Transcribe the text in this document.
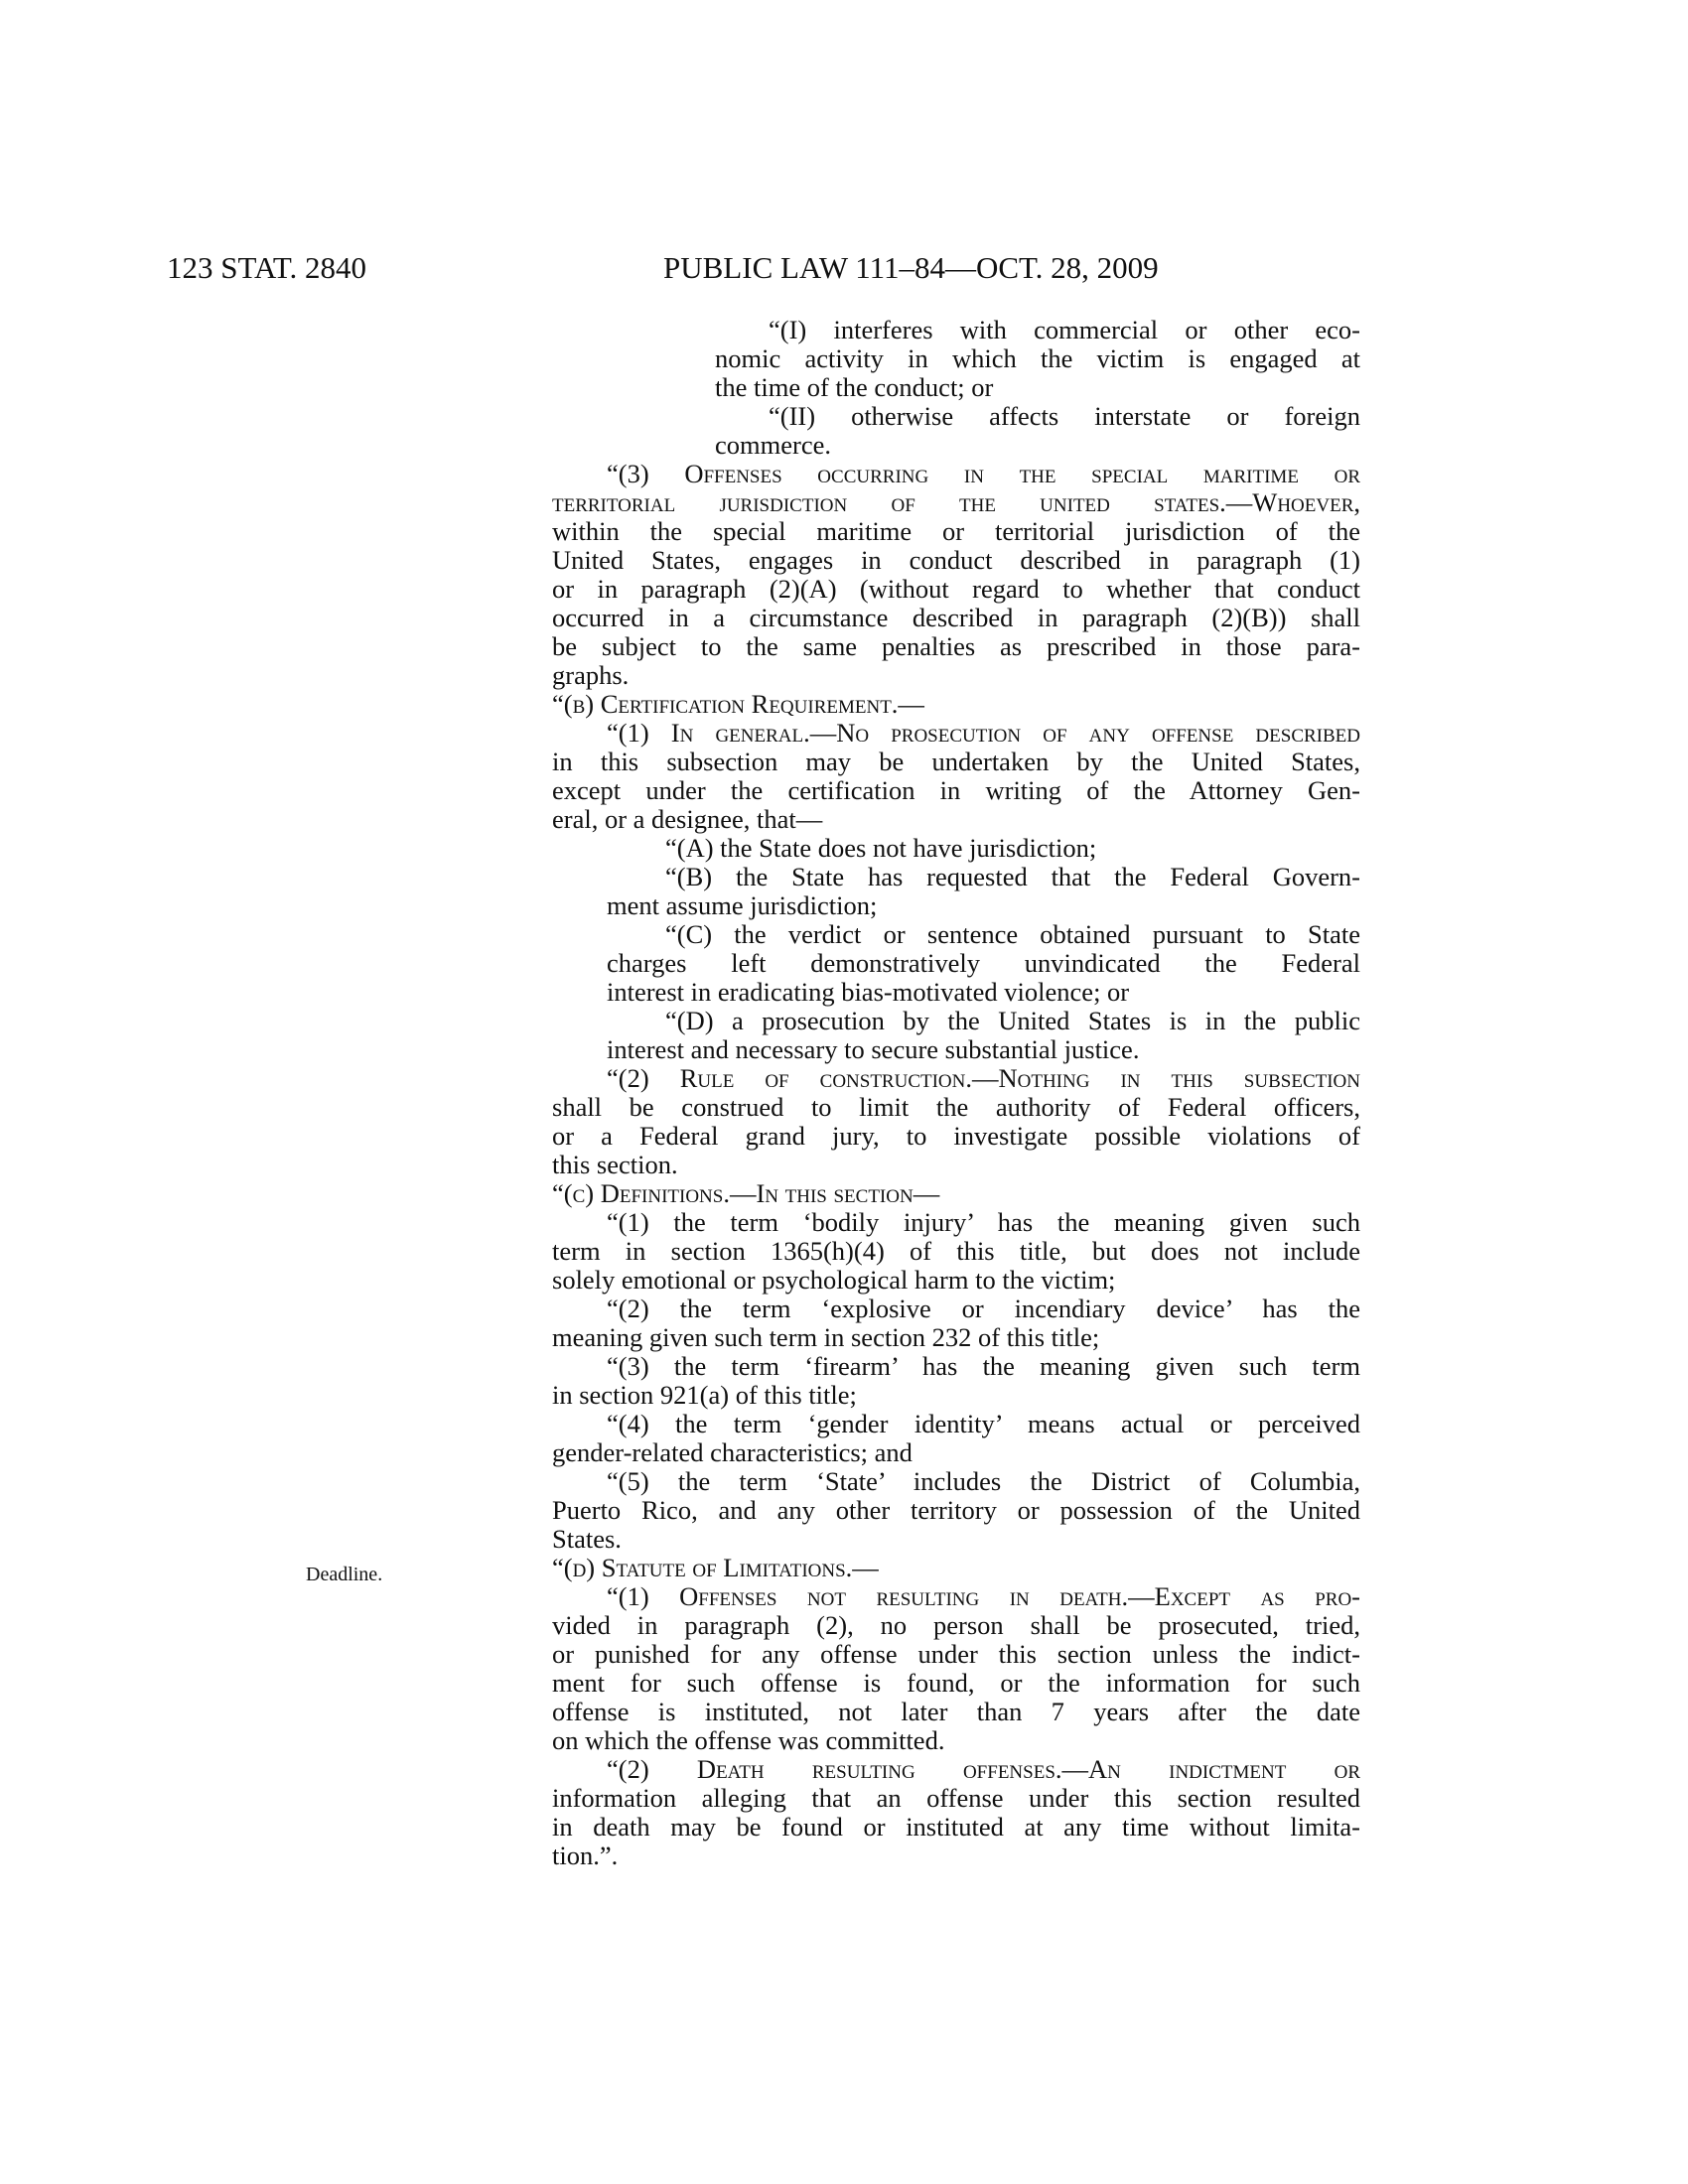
123 STAT. 2840	PUBLIC LAW 111–84—OCT. 28, 2009
Deadline.
“(I) interferes with commercial or other eco-
nomic activity in which the victim is engaged at
the time of the conduct; or
“(II) otherwise affects interstate or foreign
commerce.
“(3) Offenses occurring in the special maritime or
territorial jurisdiction of the united states.—Whoever,
within the special maritime or territorial jurisdiction of the
United States, engages in conduct described in paragraph (1)
or in paragraph (2)(A) (without regard to whether that conduct
occurred in a circumstance described in paragraph (2)(B)) shall
be subject to the same penalties as prescribed in those para-
graphs.
“(b) Certification Requirement.—
“(1) In general.—No prosecution of any offense described
in this subsection may be undertaken by the United States,
except under the certification in writing of the Attorney Gen-
eral, or a designee, that—
“(A) the State does not have jurisdiction;
“(B) the State has requested that the Federal Govern-
ment assume jurisdiction;
“(C) the verdict or sentence obtained pursuant to State
charges left demonstratively unvindicated the Federal
interest in eradicating bias-motivated violence; or
“(D) a prosecution by the United States is in the public
interest and necessary to secure substantial justice.
“(2) Rule of construction.—Nothing in this subsection
shall be construed to limit the authority of Federal officers,
or a Federal grand jury, to investigate possible violations of
this section.
“(c) Definitions.—In this section—
“(1) the term ‘bodily injury’ has the meaning given such
term in section 1365(h)(4) of this title, but does not include
solely emotional or psychological harm to the victim;
“(2) the term ‘explosive or incendiary device’ has the
meaning given such term in section 232 of this title;
“(3) the term ‘firearm’ has the meaning given such term
in section 921(a) of this title;
“(4) the term ‘gender identity’ means actual or perceived
gender-related characteristics; and
“(5) the term ‘State’ includes the District of Columbia,
Puerto Rico, and any other territory or possession of the United
States.
“(d) Statute of Limitations.—
“(1) Offenses not resulting in death.—Except as pro-
vided in paragraph (2), no person shall be prosecuted, tried,
or punished for any offense under this section unless the indict-
ment for such offense is found, or the information for such
offense is instituted, not later than 7 years after the date
on which the offense was committed.
“(2) Death resulting offenses.—An indictment or
information alleging that an offense under this section resulted
in death may be found or instituted at any time without limita-
tion.”.
